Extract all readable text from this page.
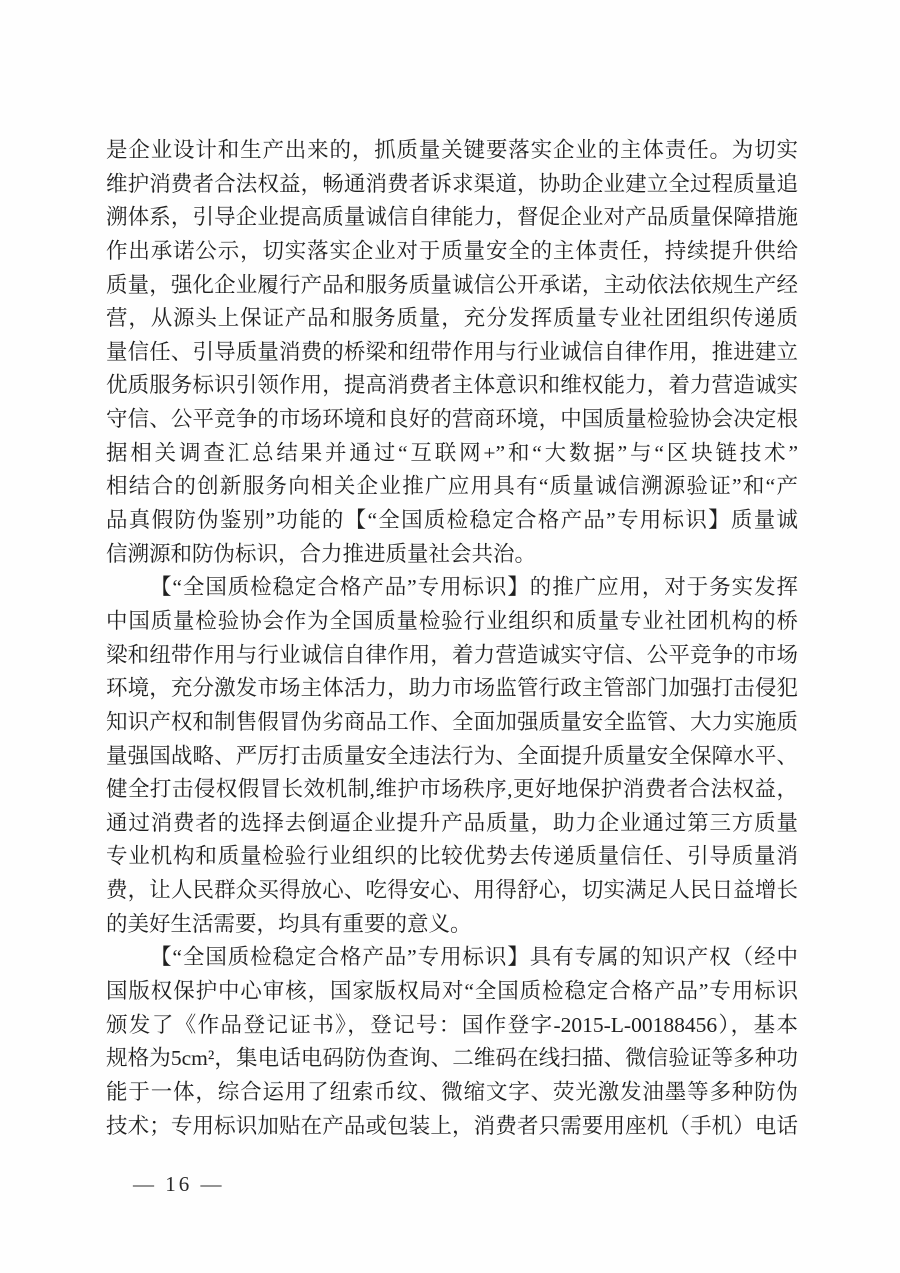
是企业设计和生产出来的，抓质量关键要落实企业的主体责任。为切实
维护消费者合法权益，畅通消费者诉求渠道，协助企业建立全过程质量追
溯体系，引导企业提高质量诚信自律能力，督促企业对产品质量保障措施
作出承诺公示，切实落实企业对于质量安全的主体责任，持续提升供给
质量，强化企业履行产品和服务质量诚信公开承诺，主动依法依规生产经
营，从源头上保证产品和服务质量，充分发挥质量专业社团组织传递质
量信任、引导质量消费的桥梁和纽带作用与行业诚信自律作用，推进建立
优质服务标识引领作用，提高消费者主体意识和维权能力，着力营造诚实
守信、公平竞争的市场环境和良好的营商环境，中国质量检验协会决定根
据相关调查汇总结果并通过“互联网+”和“大数据”与“区块链技术”
相结合的创新服务向相关企业推广应用具有“质量诚信溯源验证”和“产
品真假防伪鉴别”功能的【“全国质检稳定合格产品”专用标识】质量诚
信溯源和防伪标识，合力推进质量社会共治。
【“全国质检稳定合格产品”专用标识】的推广应用，对于务实发挥
中国质量检验协会作为全国质量检验行业组织和质量专业社团机构的桥
梁和纽带作用与行业诚信自律作用，着力营造诚实守信、公平竞争的市场
环境，充分激发市场主体活力，助力市场监管行政主管部门加强打击侵犯
知识产权和制售假冒伪劣商品工作、全面加强质量安全监管、大力实施质
量强国战略、严厉打击质量安全违法行为、全面提升质量安全保障水平、
健全打击侵权假冒长效机制,维护市场秩序,更好地保护消费者合法权益，
通过消费者的选择去倒逼企业提升产品质量，助力企业通过第三方质量
专业机构和质量检验行业组织的比较优势去传递质量信任、引导质量消
费，让人民群众买得放心、吃得安心、用得舒心，切实满足人民日益增长
的美好生活需要，均具有重要的意义。
【“全国质检稳定合格产品”专用标识】具有专属的知识产权（经中
国版权保护中心审核，国家版权局对“全国质检稳定合格产品”专用标识
颁发了《作品登记证书》，登记号：国作登字-2015-L-00188456），基本
规格为5cm²，集电话电码防伪查询、二维码在线扫描、微信验证等多种功
能于一体，综合运用了纽索币纹、微缩文字、荧光激发油墨等多种防伪
技术；专用标识加贴在产品或包装上，消费者只需要用座机（手机）电话
— 16 —
